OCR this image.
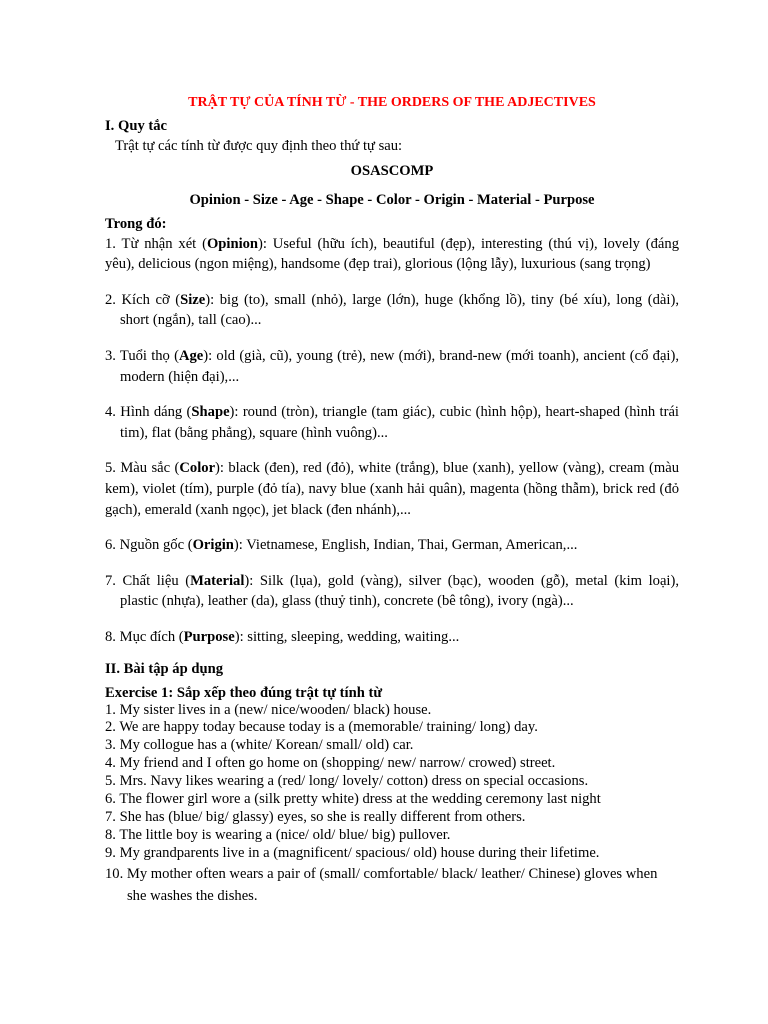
TRẬT TỰ CỦA TÍNH TỪ - THE ORDERS OF THE ADJECTIVES

I. Quy tắc

Trật tự các tính từ được quy định theo thứ tự sau:

OSASCOMP

Opinion - Size - Age - Shape - Color - Origin - Material - Purpose

Trong đó:

1. Từ nhận xét (Opinion): Useful (hữu ích), beautiful (đẹp), interesting (thú vị), lovely (đáng yêu), delicious (ngon miệng), handsome (đẹp trai), glorious (lộng lẫy), luxurious (sang trọng)

2. Kích cỡ (Size): big (to), small (nhỏ), large (lớn), huge (khổng lồ), tiny (bé xíu), long (dài), short (ngắn), tall (cao)...

3. Tuổi thọ (Age): old (già, cũ), young (trẻ), new (mới), brand-new (mới toanh), ancient (cổ đại), modern (hiện đại),...

4. Hình dáng (Shape): round (tròn), triangle (tam giác), cubic (hình hộp), heart-shaped (hình trái tim), flat (bằng phẳng), square (hình vuông)...

5. Màu sắc (Color): black (đen), red (đỏ), white (trắng), blue (xanh), yellow (vàng), cream (màu kem), violet (tím), purple (đỏ tía), navy blue (xanh hải quân), magenta (hồng thẫm), brick red (đỏ gạch), emerald (xanh ngọc), jet black (đen nhánh),...

6. Nguồn gốc (Origin): Vietnamese, English, Indian, Thai, German, American,...

7. Chất liệu (Material): Silk (lụa), gold (vàng), silver (bạc), wooden (gỗ), metal (kim loại), plastic (nhựa), leather (da), glass (thuỷ tinh), concrete (bê tông), ivory (ngà)...

8. Mục đích (Purpose): sitting, sleeping, wedding, waiting...

II. Bài tập áp dụng

Exercise 1: Sắp xếp theo đúng trật tự tính từ

1. My sister lives in a (new/ nice/wooden/ black) house.
2. We are happy today because today is a (memorable/ training/ long) day.
3. My collogue has a (white/ Korean/ small/ old) car.
4. My friend and I often go home on (shopping/ new/ narrow/ crowed) street.
5. Mrs. Navy likes wearing a (red/ long/ lovely/ cotton) dress on special occasions.
6. The flower girl wore a (silk pretty white) dress at the wedding ceremony last night
7. She has (blue/ big/ glassy) eyes, so she is really different from others.
8. The little boy is wearing a (nice/ old/ blue/ big) pullover.
9. My grandparents live in a (magnificent/ spacious/ old) house during their lifetime.
10. My mother often wears a pair of (small/ comfortable/ black/ leather/ Chinese) gloves when she washes the dishes.
